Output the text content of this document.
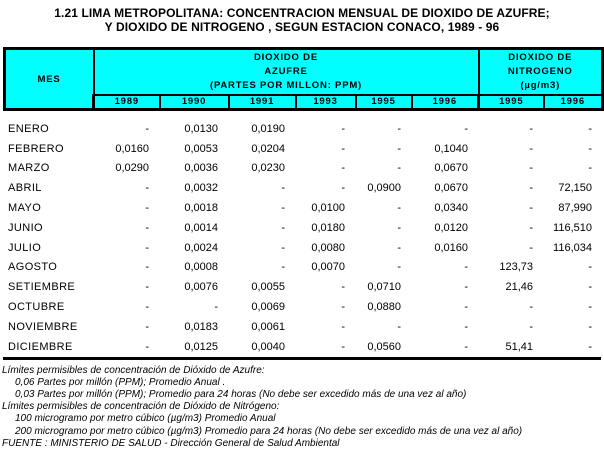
1.21 LIMA METROPOLITANA: CONCENTRACION MENSUAL DE DIOXIDO DE AZUFRE;
Y DIOXIDO DE NITROGENO , SEGUN ESTACION CONACO, 1989 - 96
MES	
DIOXIDO DE
AZUFRE
(PARTES POR MILLON: PPM)

DIOXIDO DE
NITROGENO
(µg/m3)

	1989	1990	1991	1993	1995	1996	1995	1996
ENERO	-	0,0130	0,0190	-	-	-	-	-
FEBRERO	0,0160	0,0053	0,0204	-	-	0,1040	-	-
MARZO	0,0290	0,0036	0,0230	-	-	0,0670	-	-
ABRIL	-	0,0032	-	-	0,0900	0,0670	-	72,150
MAYO	-	0,0018	-	0,0100	-	0,0340	-	87,990
JUNIO	-	0,0014	-	0,0180	-	0,0120	-	116,510
JULIO	-	0,0024	-	0,0080	-	0,0160	-	116,034
AGOSTO	-	0,0008	-	0,0070	-	-	123,73	-
SETIEMBRE	-	0,0076	0,0055	-	0,0710	-	21,46	-
OCTUBRE	-	-	0,0069	-	0,0880	-	-	-
NOVIEMBRE	-	0,0183	0,0061	-	-	-	-	-
DICIEMBRE	-	0,0125	0,0040	-	0,0560	-	51,41	-
Límites permisibles de concentración de Dióxido de Azufre:
0,06 Partes por millón (PPM); Promedio Anual .
0,03 Partes por millón (PPM); Promedio para 24 horas (No debe ser excedido más de una vez al año)
Límites permisibles de concentración de Dióxido de Nitrógeno:
100 microgramo por metro cúbico (µg/m3) Promedio Anual
200 microgramo por metro cúbico (µg/m3) Promedio para 24 horas (No debe ser excedido más de una vez al año)
FUENTE : MINISTERIO DE SALUD - Dirección General de Salud Ambiental
